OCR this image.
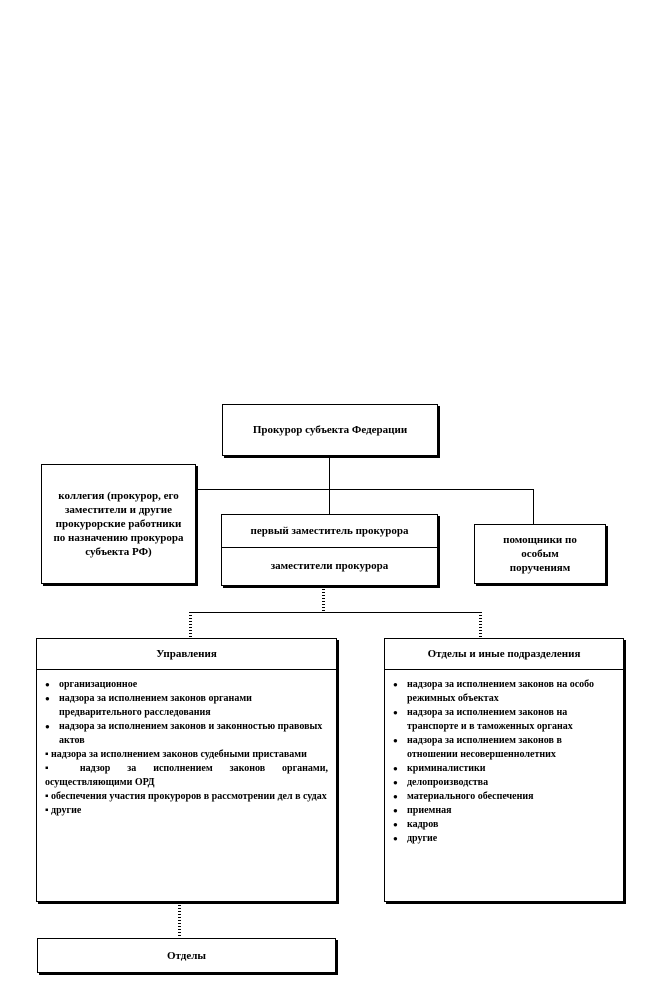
Прокурор субъекта Федерации
коллегия (прокурор, его заместители и другие прокурорские работники по назначению прокурора субъекта РФ)
первый заместитель прокурора
заместители прокурора
помощники по особым поручениям
Управления
● организационное
● надзора за исполнением законов органами предварительного расследования
● надзора за исполнением законов и законностью правовых актов
▪ надзора за исполнением законов судебными приставами
▪ надзор за исполнением законов органами, осуществляющими ОРД
▪ обеспечения участия прокуроров в рассмотрении дел в судах
▪ другие
Отделы и иные подразделения
● надзора за исполнением законов на особо режимных объектах
● надзора за исполнением законов на транспорте и в таможенных органах
● надзора за исполнением законов в отношении несовершеннолетних
● криминалистики
● делопроизводства
● материального обеспечения
● приемная
● кадров
● другие
Отделы
